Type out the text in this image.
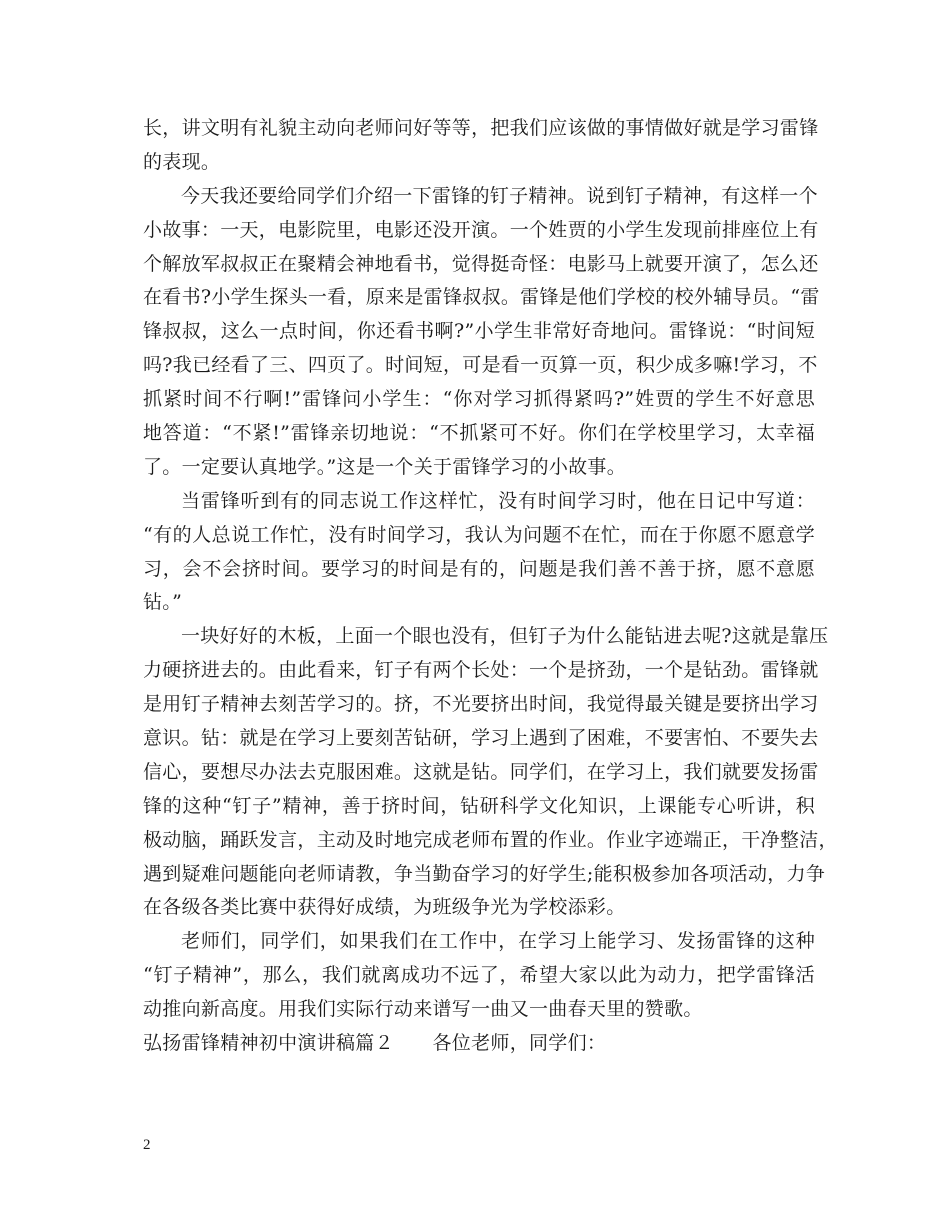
长，讲文明有礼貌主动向老师问好等等，把我们应该做的事情做好就是学习雷锋
的表现。
今天我还要给同学们介绍一下雷锋的钉子精神。说到钉子精神，有这样一个
小故事：一天，电影院里，电影还没开演。一个姓贾的小学生发现前排座位上有
个解放军叔叔正在聚精会神地看书，觉得挺奇怪：电影马上就要开演了，怎么还
在看书?小学生探头一看，原来是雷锋叔叔。雷锋是他们学校的校外辅导员。“雷
锋叔叔，这么一点时间，你还看书啊?”小学生非常好奇地问。雷锋说：“时间短
吗?我已经看了三、四页了。时间短，可是看一页算一页，积少成多嘛!学习，不
抓紧时间不行啊!”雷锋问小学生：“你对学习抓得紧吗?”姓贾的学生不好意思
地答道：“不紧!”雷锋亲切地说：“不抓紧可不好。你们在学校里学习，太幸福
了。一定要认真地学。”这是一个关于雷锋学习的小故事。
当雷锋听到有的同志说工作这样忙，没有时间学习时，他在日记中写道：
“有的人总说工作忙，没有时间学习，我认为问题不在忙，而在于你愿不愿意学
习，会不会挤时间。要学习的时间是有的，问题是我们善不善于挤，愿不意愿
钻。”
一块好好的木板，上面一个眼也没有，但钉子为什么能钻进去呢?这就是靠压
力硬挤进去的。由此看来，钉子有两个长处：一个是挤劲，一个是钻劲。雷锋就
是用钉子精神去刻苦学习的。挤，不光要挤出时间，我觉得最关键是要挤出学习
意识。钻：就是在学习上要刻苦钻研，学习上遇到了困难，不要害怕、不要失去
信心，要想尽办法去克服困难。这就是钻。同学们，在学习上，我们就要发扬雷
锋的这种“钉子”精神，善于挤时间，钻研科学文化知识，上课能专心听讲，积
极动脑，踊跃发言，主动及时地完成老师布置的作业。作业字迹端正，干净整洁，
遇到疑难问题能向老师请教，争当勤奋学习的好学生;能积极参加各项活动，力争
在各级各类比赛中获得好成绩，为班级争光为学校添彩。
老师们，同学们，如果我们在工作中，在学习上能学习、发扬雷锋的这种
“钉子精神”，那么，我们就离成功不远了，希望大家以此为动力，把学雷锋活
动推向新高度。用我们实际行动来谱写一曲又一曲春天里的赞歌。
弘扬雷锋精神初中演讲稿篇２　　各位老师，同学们：
2
